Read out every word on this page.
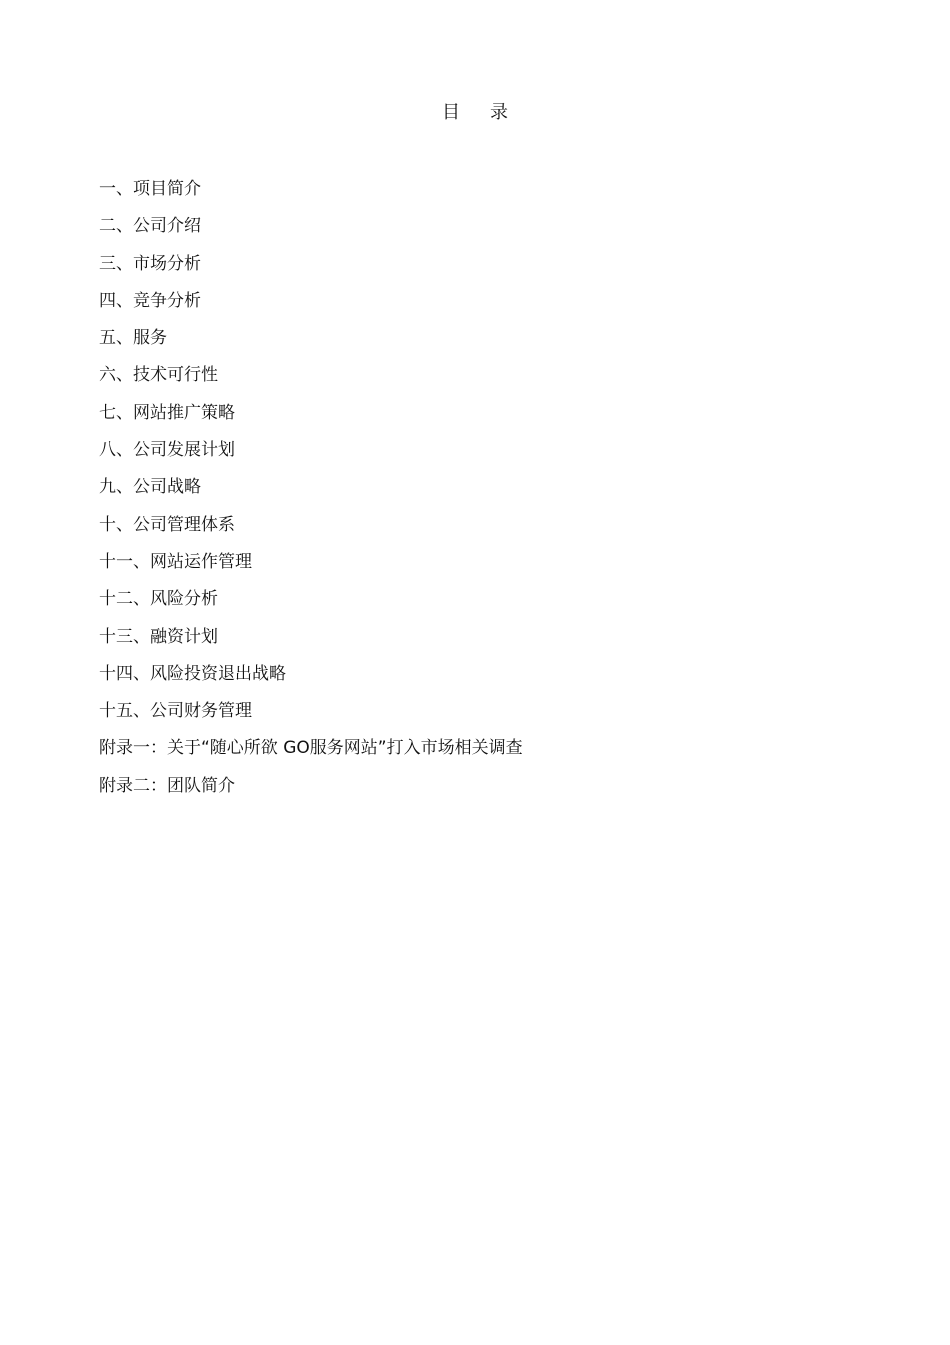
目 录
一、项目简介
二、公司介绍
三、市场分析
四、竞争分析
五、服务
六、技术可行性
七、网站推广策略
八、公司发展计划
九、公司战略
十、公司管理体系
十一、网站运作管理
十二、风险分析
十三、融资计划
十四、风险投资退出战略
十五、公司财务管理
附录一：关于“随心所欲 GO服务网站”打入市场相关调查
附录二：团队简介
